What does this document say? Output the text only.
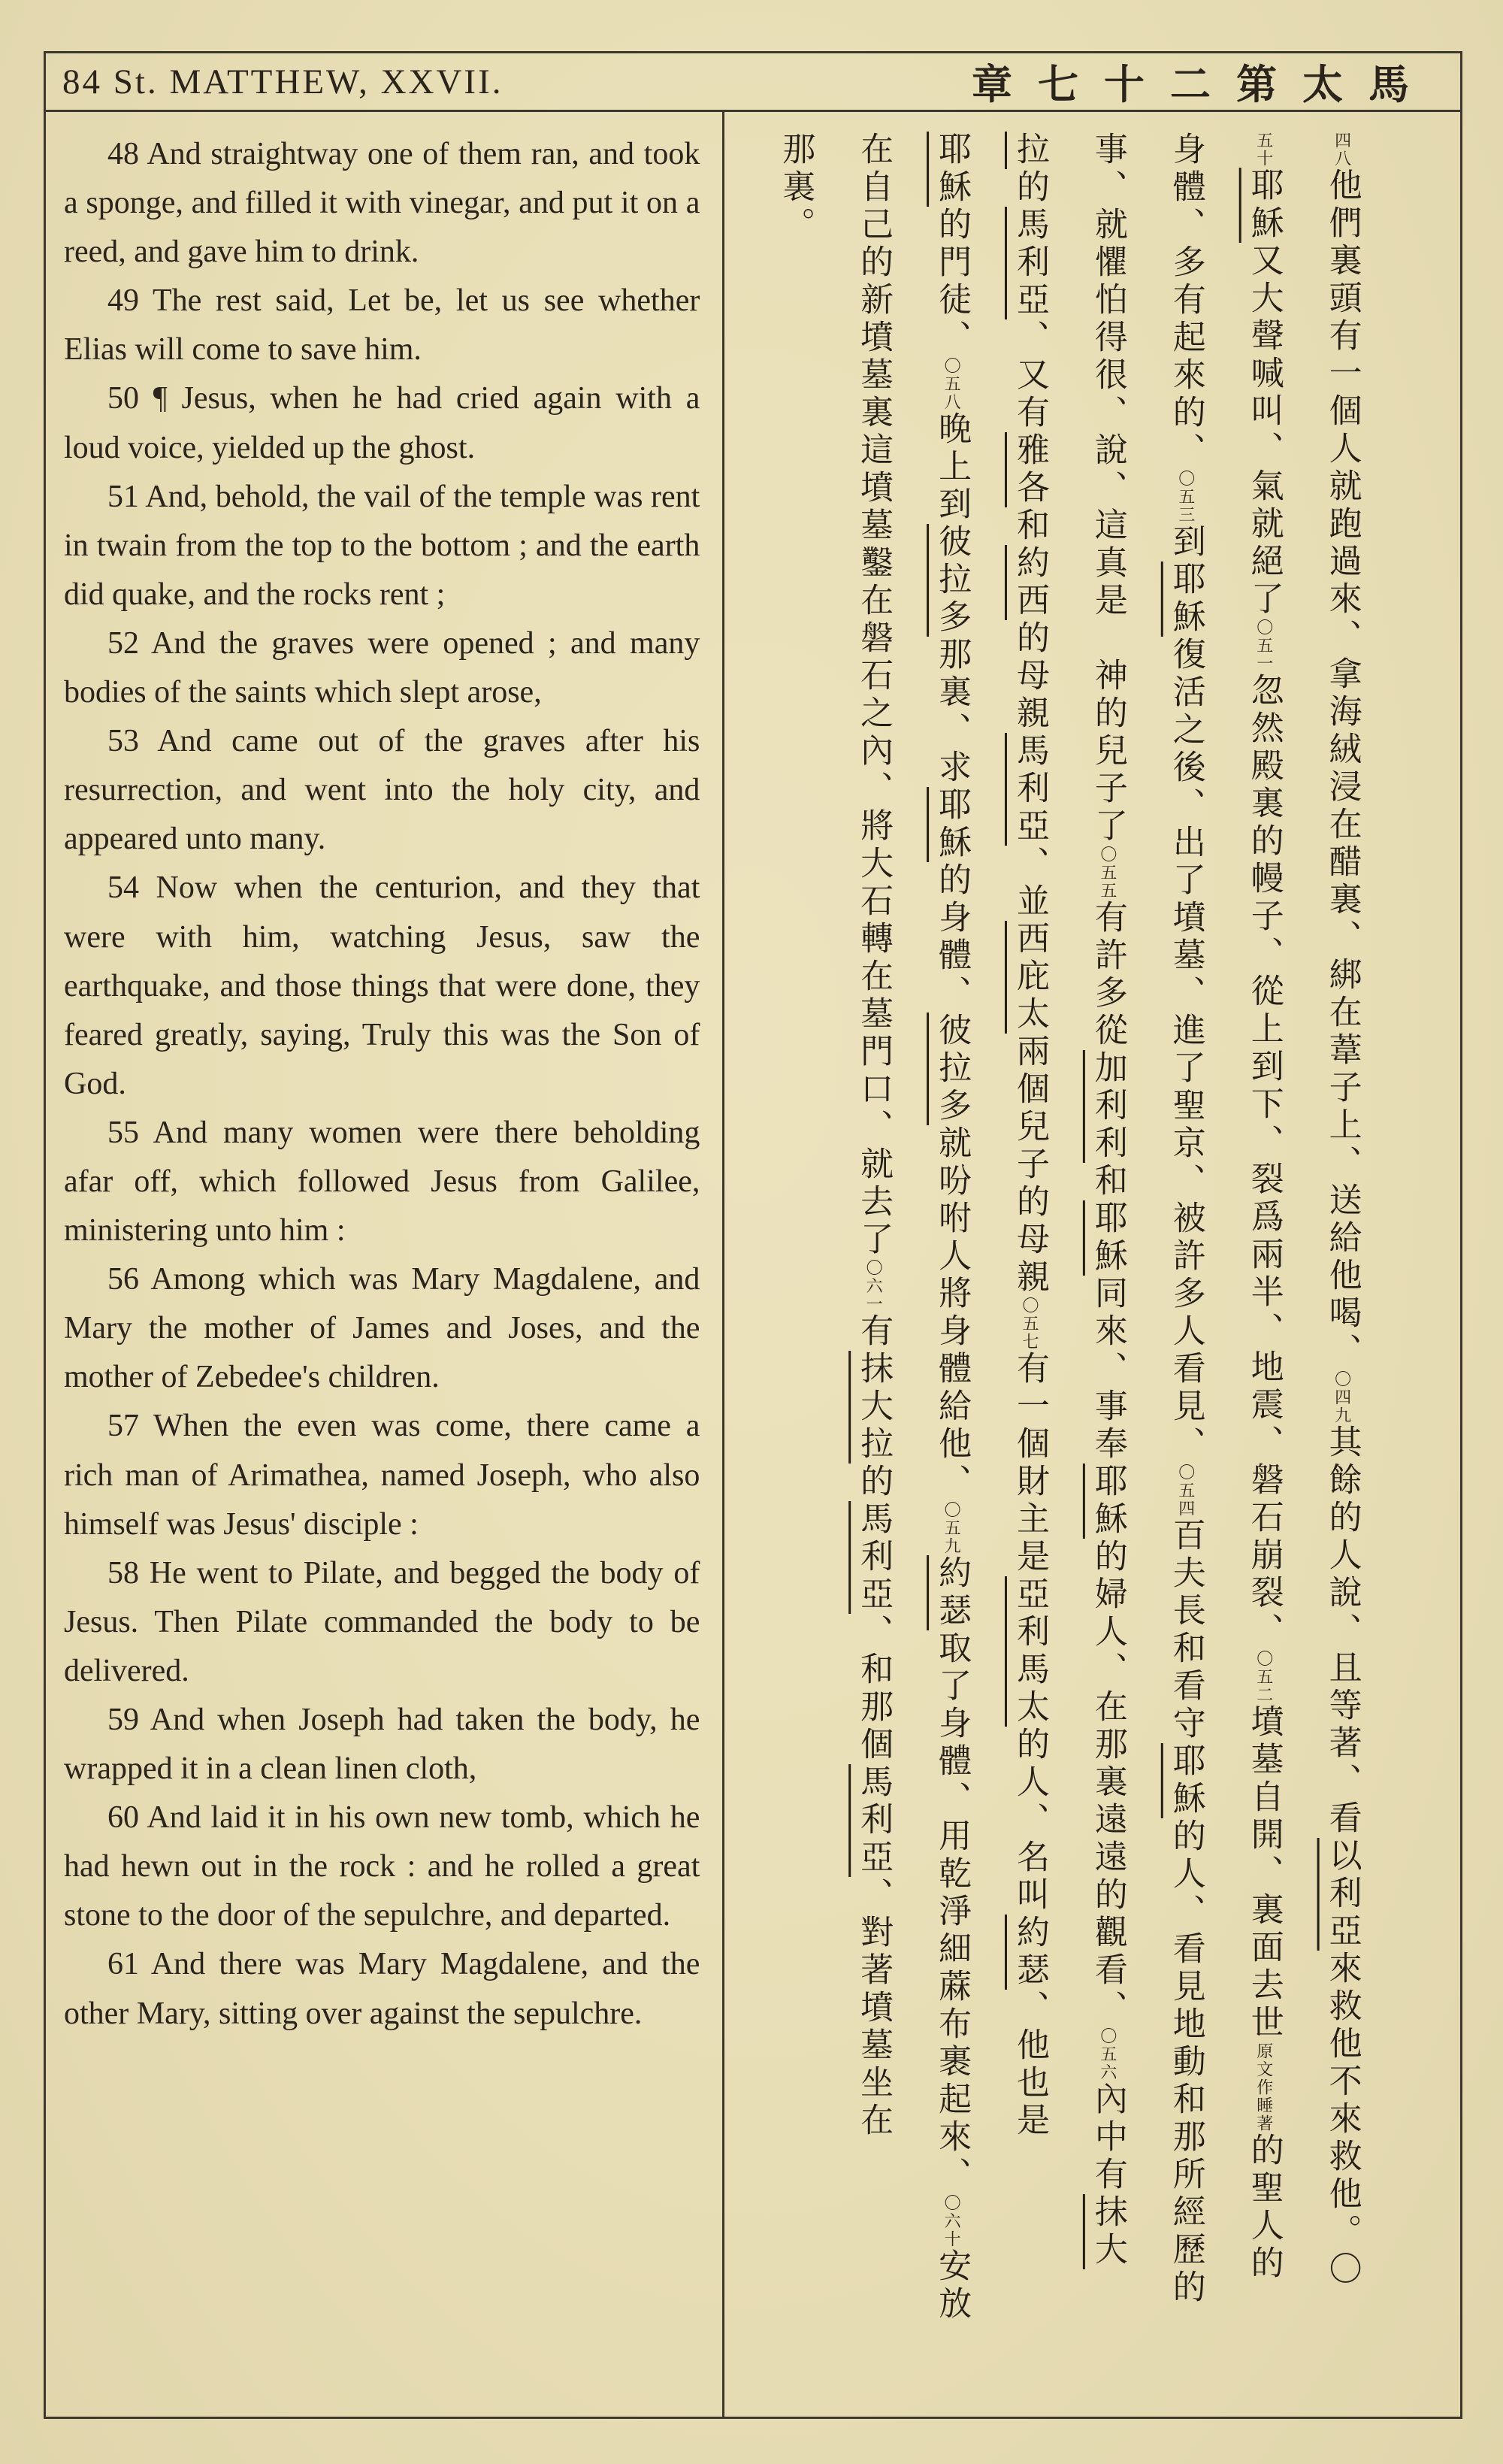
84 St. MATTHEW, XXVII.	章七十二第太馬

48 And straightway one of them ran, and took a sponge, and filled it with vinegar, and put it on a reed, and gave him to drink.

49 The rest said, Let be, let us see whether Elias will come to save him.

50 ¶ Jesus, when he had cried again with a loud voice, yielded up the ghost.

51 And, behold, the vail of the temple was rent in twain from the top to the bottom ; and the earth did quake, and the rocks rent ;

52 And the graves were opened ; and many bodies of the saints which slept arose,

53 And came out of the graves after his resurrection, and went into the holy city, and appeared unto many.

54 Now when the centurion, and they that were with him, watching Jesus, saw the earthquake, and those things that were done, they feared greatly, saying, Truly this was the Son of God.

55 And many women were there beholding afar off, which followed Jesus from Galilee, ministering unto him :

56 Among which was Mary Magdalene, and Mary the mother of James and Joses, and the mother of Zebedee's children.

57 When the even was come, there came a rich man of Arimathea, named Joseph, who also himself was Jesus' disciple :

58 He went to Pilate, and begged the body of Jesus. Then Pilate commanded the body to be delivered.

59 And when Joseph had taken the body, he wrapped it in a clean linen cloth,

60 And laid it in his own new tomb, which he had hewn out in the rock : and he rolled a great stone to the door of the sepulchre, and departed.

61 And there was Mary Magdalene, and the other Mary, sitting over against the sepulchre.

四八他們裏頭有一個人就跑過來、拿海絨浸在醋裏、綁在葦子上、送給他喝、〇四九其餘的人說、且等著、看以利亞來救他不來救他。〇
五十耶穌又大聲喊叫、氣就絕了〇五一忽然殿裏的幔子、從上到下、裂爲兩半、地震、磐石崩裂、〇五二墳墓自開、裏面去世原文作睡著的聖人的
身體、多有起來的、〇五三到耶穌復活之後、出了墳墓、進了聖京、被許多人看見、〇五四百夫長和看守耶穌的人、看見地動和那所經歷的
事、就懼怕得很、說、這真是　神的兒子了〇五五有許多從加利利和耶穌同來、事奉耶穌的婦人、在那裏遠遠的觀看、〇五六內中有抹大
拉的馬利亞、又有雅各和約西的母親馬利亞、並西庇太兩個兒子的母親〇五七有一個財主是亞利馬太的人、名叫約瑟、他也是
耶穌的門徒、〇五八晚上到彼拉多那裏、求耶穌的身體、彼拉多就吩咐人將身體給他、〇五九約瑟取了身體、用乾淨細蔴布裹起來、〇六十安放
在自己的新墳墓裏這墳墓鑿在磐石之內、將大石轉在墓門口、就去了〇六一有抹大拉的馬利亞、和那個馬利亞、對著墳墓坐在
那裏。
